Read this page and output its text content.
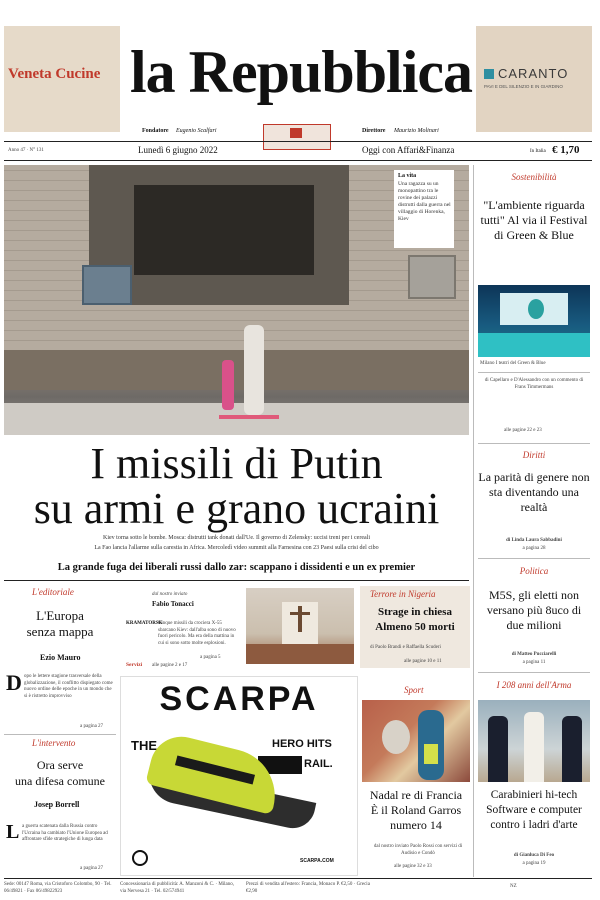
Veneta Cucine la Repubblica	CARANTO
PAVI E DEL SILENZIO E IN GIARDINO
Fondatore Eugenio Scalfari	Direttore Maurizio Molinari
Anno 47 · N° 131	Lunedì 6 giugno 2022	Oggi con Affari&Finanza	In Italia € 1,70
La vita
Una ragazza su un monopattino tra le rovine dei palazzi distrutti dalla guerra nel villaggio di Horenka, Kiev
I missili di Putin
su armi e grano ucraini
Kiev torna sotto le bombe. Mosca: distrutti tank donati dall'Ue. Il governo di Zelensky: uccisi treni per i cereali
La Fao lancia l'allarme sulla carestia in Africa. Mercoledì video summit alla Farnesina con 23 Paesi sulla crisi del cibo
La grande fuga dei liberali russi dallo zar: scappano i dissidenti e un ex premier
L'editoriale
L'Europa
senza mappa
Ezio Mauro
D opo le lettere stagione trasversale della globalizzazione, il conflitto dispiegato come nuovo ordine delle epoche in un mondo che si è ristretto improvviso
a pagina 27
L'intervento
Ora serve
una difesa comune
Josep Borrell
L a guerra scatenata dalla Russia contro l'Ucraina ha cambiato l'Unione Europea ad affrontare sfide strategiche di lunga data
a pagina 27
dal nostro inviato
Fabio Tonacci
KRAMATORSK
Cinque missili da crociera X-55 sbarcano Kiev: dall'alba sono di nuovo fuori pericolo. Ma era della mattina in cui si sono sotto molte esplosioni.
a pagina 5
Servizi alle pagine 2 e 17
Terrore in Nigeria
Strage in chiesa
Almeno 50 morti
di Paolo Brandi e Raffaella Scuderi
alle pagine 10 e 11
SCARPA
THE	HERO HITS
RAIL.
SCARPA.COM
Sport
Nadal re di Francia
È il Roland Garros
numero 14
dal nostro inviato Paolo Rossi con servizi di Audisio e Condò
alle pagine 32 e 33
Sostenibilità
"L'ambiente riguarda tutti" Al via il Festival di Green & Blue
Milano I teatri del Green & Blue
di Capellaro e D'Alessandro con un commento di Frans Timmermans
alle pagine 22 e 23
Diritti
La parità di genere non sta diventando una realtà
di Linda Laura Sabbadini
a pagina 28
Politica
M5S, gli eletti non versano più 8uco di due milioni
di Matteo Pucciarelli
a pagina 11
I 208 anni dell'Arma
Carabinieri hi-tech Software e computer contro i ladri d'arte
di Gianluca Di Feo
a pagina 19
Sede: 00147 Roma, via Cristoforo Colombo, 90 · Tel. 06/49821 · Fax 06/49822923
Concessionaria di pubblicità: A. Manzoni & C. · Milano, via Nervesa 21 · Tel. 02/574941
Prezzi di vendita all'estero: Francia, Monaco P. €2,50 · Grecia €2,90
NZ
